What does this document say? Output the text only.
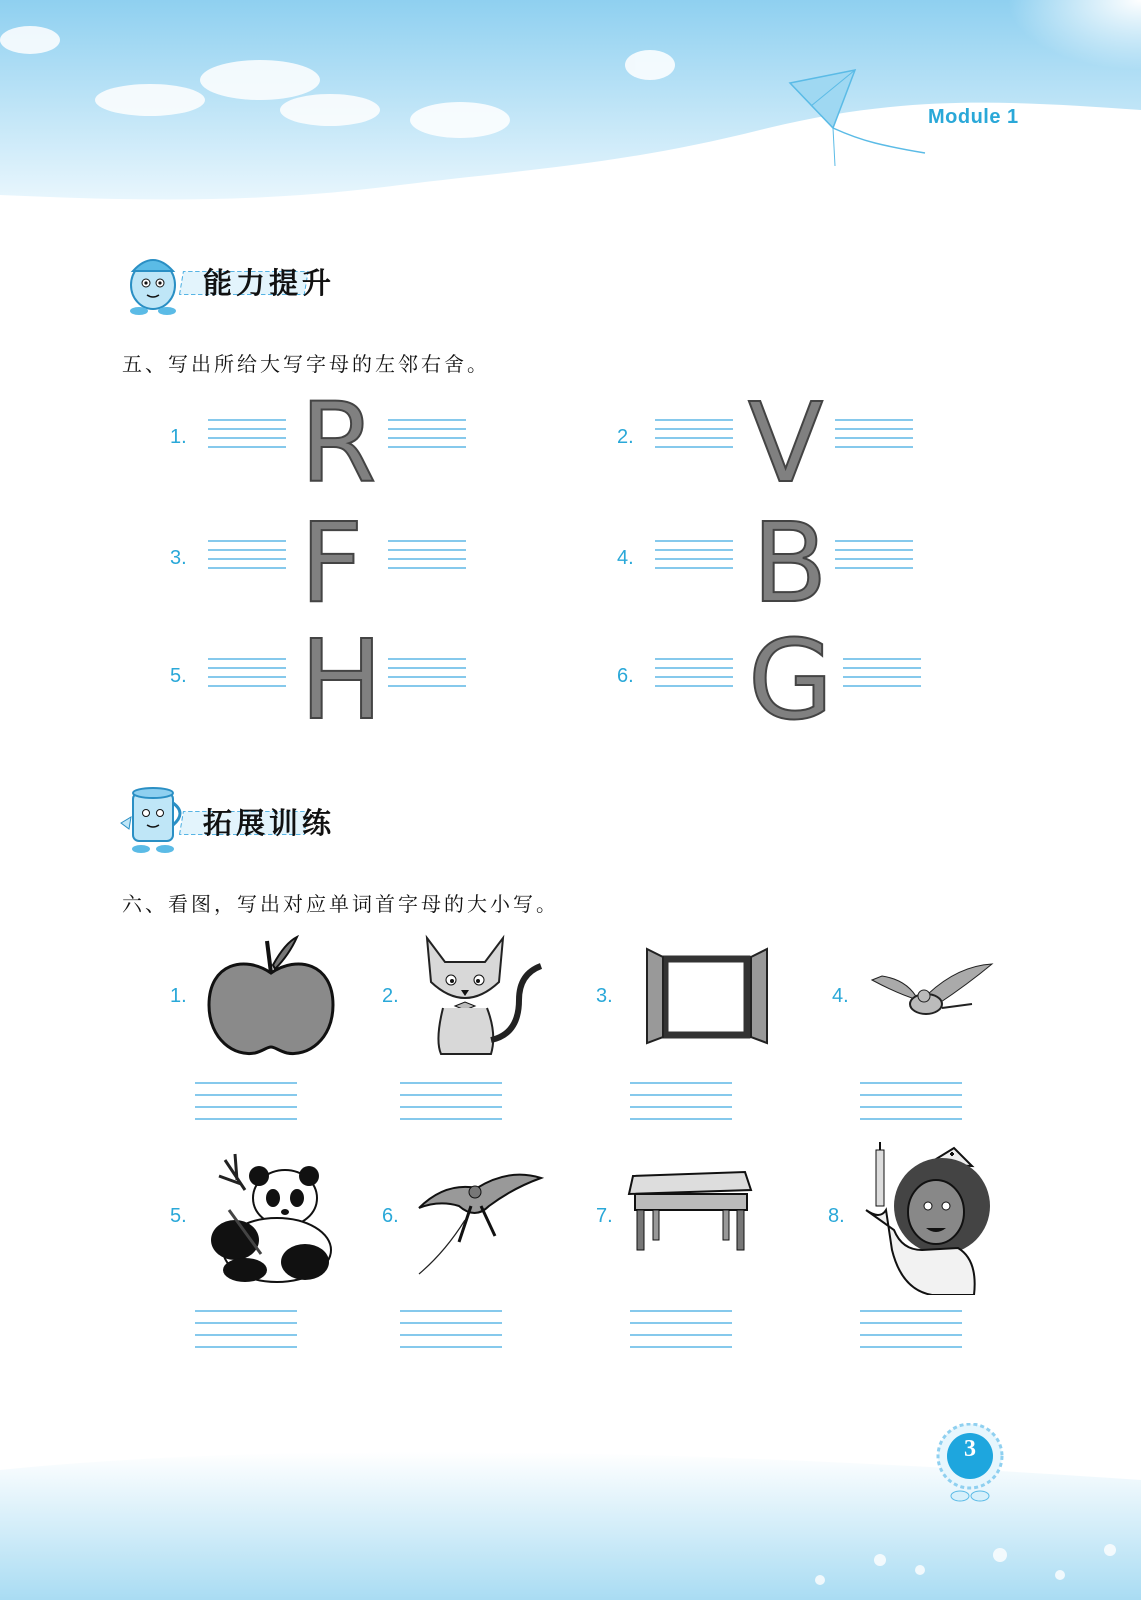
Module 1
能力提升
五、写出所给大写字母的左邻右舍。
1. R	2. V
3. F	4. B
5. H	6. G
拓展训练
六、看图，写出对应单词首字母的大小写。
1.	2.	3.	4.
5.	6.	7.	8.
3
